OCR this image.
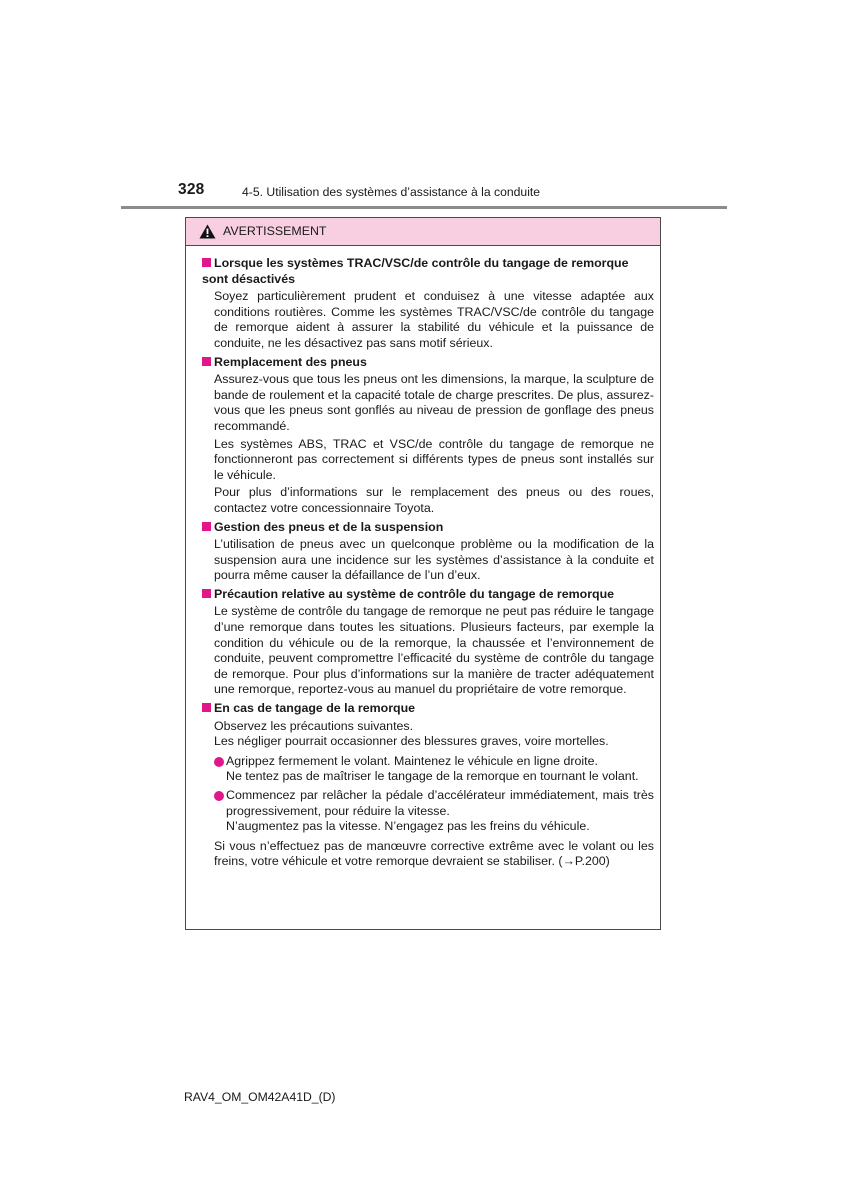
328	4-5. Utilisation des systèmes d’assistance à la conduite
AVERTISSEMENT
Lorsque les systèmes TRAC/VSC/de contrôle du tangage de remorque sont désactivés
Soyez particulièrement prudent et conduisez à une vitesse adaptée aux conditions routières. Comme les systèmes TRAC/VSC/de contrôle du tangage de remorque aident à assurer la stabilité du véhicule et la puissance de conduite, ne les désactivez pas sans motif sérieux.
Remplacement des pneus
Assurez-vous que tous les pneus ont les dimensions, la marque, la sculpture de bande de roulement et la capacité totale de charge prescrites. De plus, assurez-vous que les pneus sont gonflés au niveau de pression de gonflage des pneus recommandé.
Les systèmes ABS, TRAC et VSC/de contrôle du tangage de remorque ne fonctionneront pas correctement si différents types de pneus sont installés sur le véhicule.
Pour plus d’informations sur le remplacement des pneus ou des roues, contactez votre concessionnaire Toyota.
Gestion des pneus et de la suspension
L’utilisation de pneus avec un quelconque problème ou la modification de la suspension aura une incidence sur les systèmes d’assistance à la conduite et pourra même causer la défaillance de l’un d’eux.
Précaution relative au système de contrôle du tangage de remorque
Le système de contrôle du tangage de remorque ne peut pas réduire le tangage d’une remorque dans toutes les situations. Plusieurs facteurs, par exemple la condition du véhicule ou de la remorque, la chaussée et l’environnement de conduite, peuvent compromettre l’efficacité du système de contrôle du tangage de remorque. Pour plus d’informations sur la manière de tracter adéquatement une remorque, reportez-vous au manuel du propriétaire de votre remorque.
En cas de tangage de la remorque
Observez les précautions suivantes.
Les négliger pourrait occasionner des blessures graves, voire mortelles.
Agrippez fermement le volant. Maintenez le véhicule en ligne droite.
Ne tentez pas de maîtriser le tangage de la remorque en tournant le volant.
Commencez par relâcher la pédale d’accélérateur immédiatement, mais très progressivement, pour réduire la vitesse.
N’augmentez pas la vitesse. N’engagez pas les freins du véhicule.
Si vous n’effectuez pas de manœuvre corrective extrême avec le volant ou les freins, votre véhicule et votre remorque devraient se stabiliser. (→P.200)
RAV4_OM_OM42A41D_(D)
